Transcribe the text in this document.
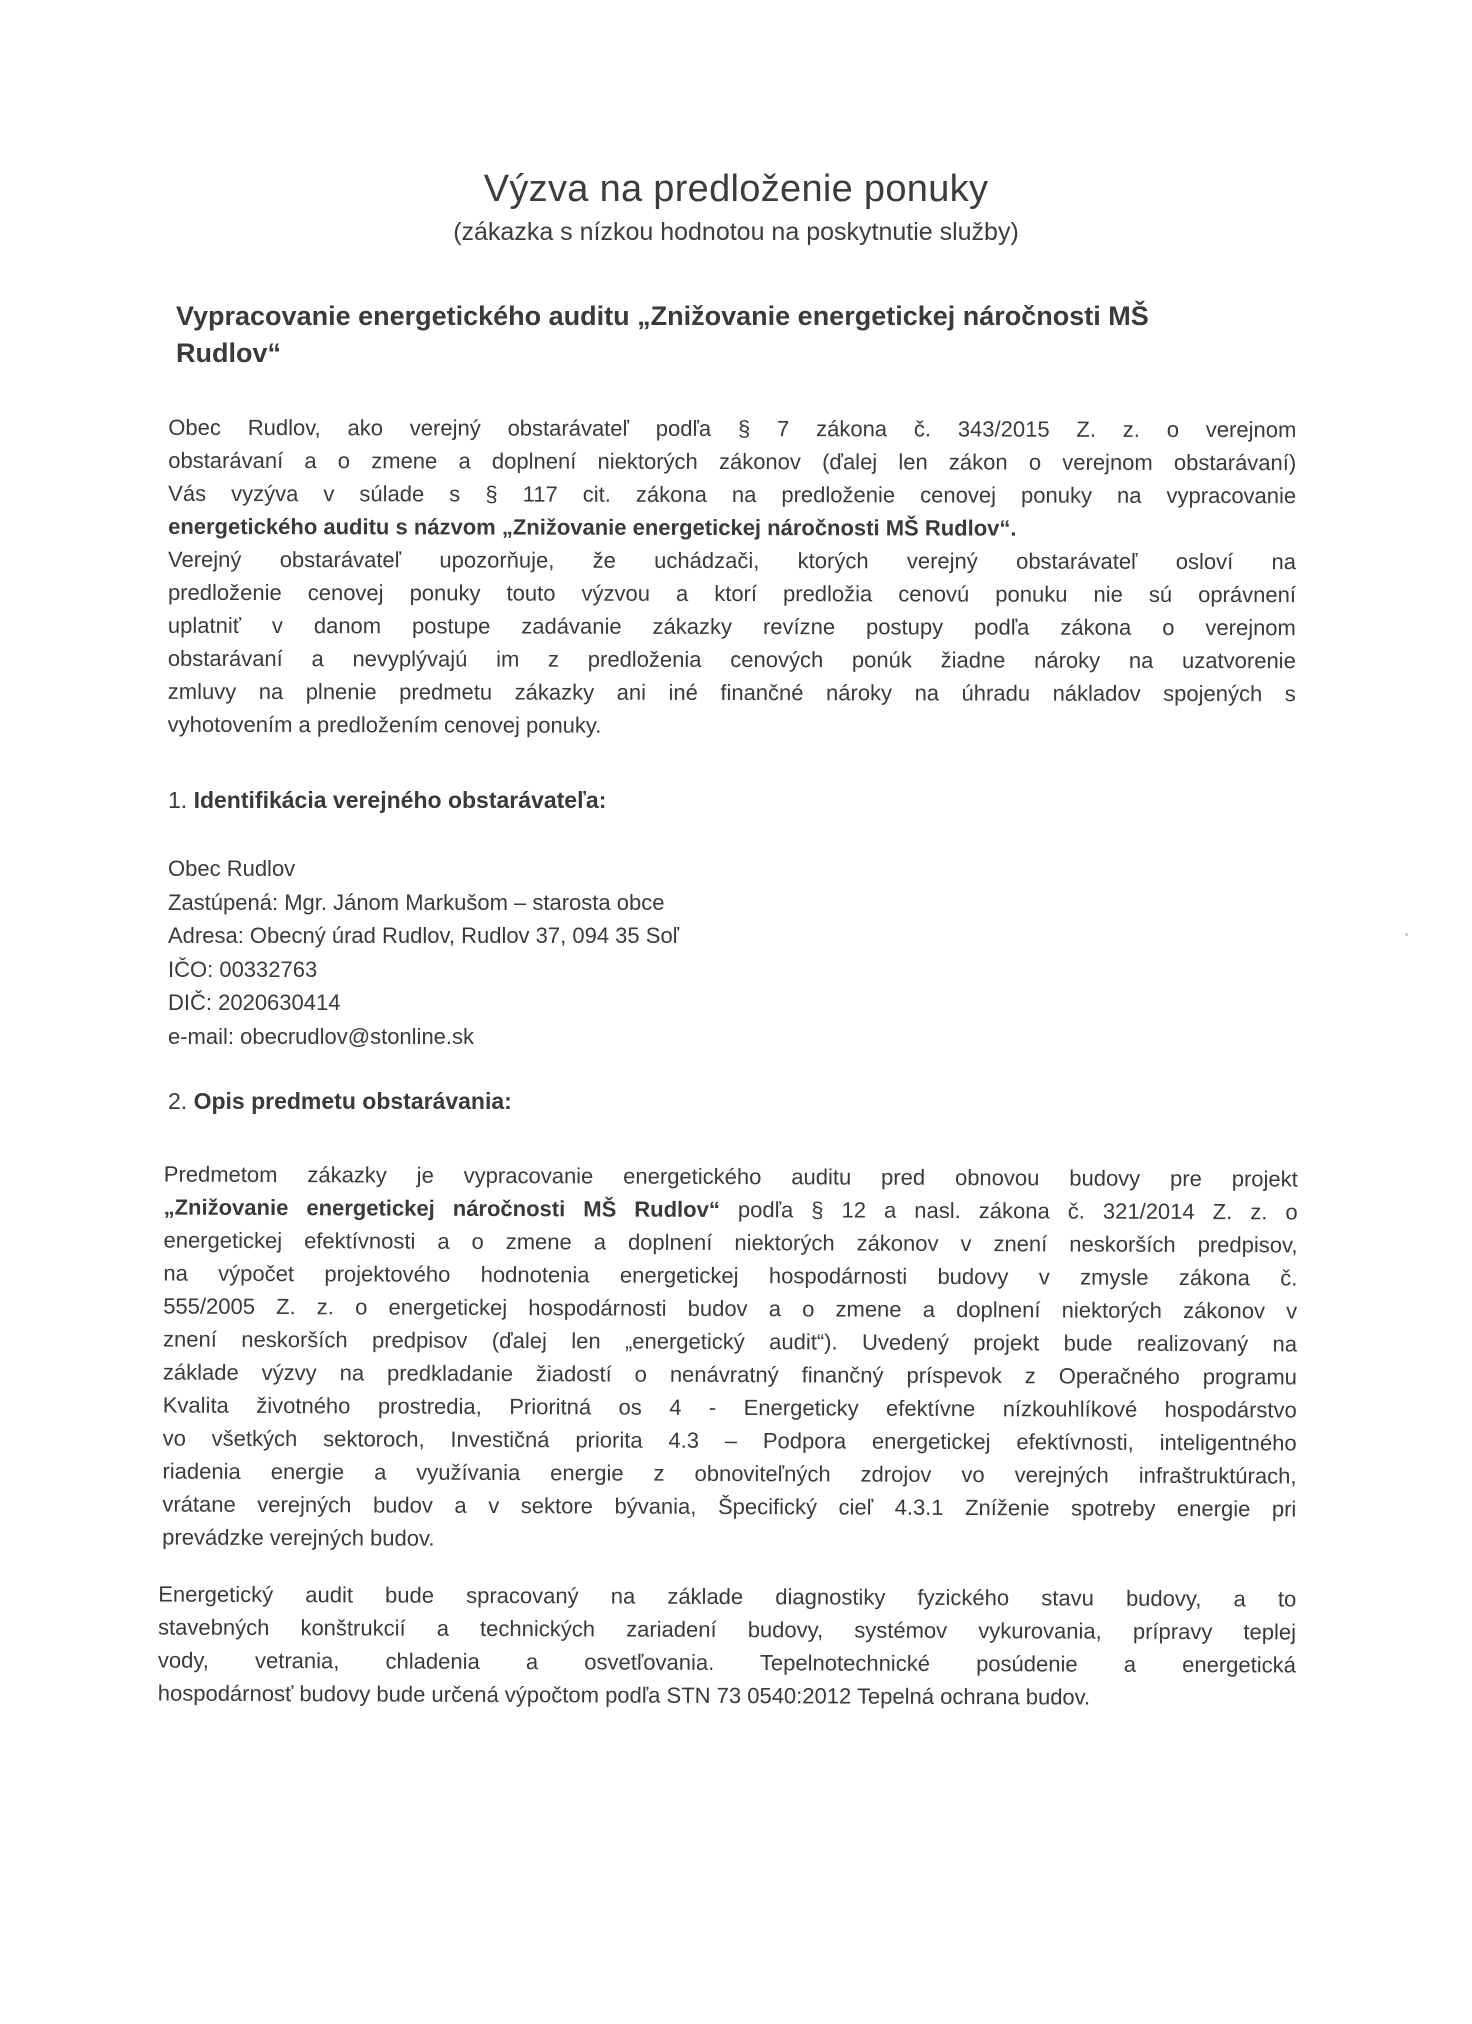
Výzva na predloženie ponuky
(zákazka s nízkou hodnotou na poskytnutie služby)
Vypracovanie energetického auditu „Znižovanie energetickej náročnosti MŠ
Rudlov“
Obec Rudlov, ako verejný obstarávateľ podľa § 7 zákona č. 343/2015 Z. z. o verejnom
obstarávaní a o zmene a doplnení niektorých zákonov (ďalej len zákon o verejnom obstarávaní)
Vás vyzýva v súlade s § 117 cit. zákona na predloženie cenovej ponuky na vypracovanie
energetického auditu s názvom „Znižovanie energetickej náročnosti MŠ Rudlov“.
Verejný obstarávateľ upozorňuje, že uchádzači, ktorých verejný obstarávateľ osloví na
predloženie cenovej ponuky touto výzvou a ktorí predložia cenovú ponuku nie sú oprávnení
uplatniť v danom postupe zadávanie zákazky revízne postupy podľa zákona o verejnom
obstarávaní a nevyplývajú im z predloženia cenových ponúk žiadne nároky na uzatvorenie
zmluvy na plnenie predmetu zákazky ani iné finančné nároky na úhradu nákladov spojených s
vyhotovením a predložením cenovej ponuky.
1. Identifikácia verejného obstarávateľa:
Obec Rudlov
Zastúpená: Mgr. Jánom Markušom – starosta obce
Adresa: Obecný úrad Rudlov, Rudlov 37, 094 35 Soľ
IČO: 00332763
DIČ: 2020630414
e-mail: obecrudlov@stonline.sk
2. Opis predmetu obstarávania:
Predmetom zákazky je vypracovanie energetického auditu pred obnovou budovy pre projekt
„Znižovanie energetickej náročnosti MŠ Rudlov“ podľa § 12 a nasl. zákona č. 321/2014 Z. z. o
energetickej efektívnosti a o zmene a doplnení niektorých zákonov v znení neskorších predpisov,
na výpočet projektového hodnotenia energetickej hospodárnosti budovy v zmysle zákona č.
555/2005 Z. z. o energetickej hospodárnosti budov a o zmene a doplnení niektorých zákonov v
znení neskorších predpisov (ďalej len „energetický audit“). Uvedený projekt bude realizovaný na
základe výzvy na predkladanie žiadostí o nenávratný finančný príspevok z Operačného programu
Kvalita životného prostredia, Prioritná os 4 - Energeticky efektívne nízkouhlíkové hospodárstvo
vo všetkých sektoroch, Investičná priorita 4.3 – Podpora energetickej efektívnosti, inteligentného
riadenia energie a využívania energie z obnoviteľných zdrojov vo verejných infraštruktúrach,
vrátane verejných budov a v sektore bývania, Špecifický cieľ 4.3.1 Zníženie spotreby energie pri
prevádzke verejných budov.
Energetický audit bude spracovaný na základe diagnostiky fyzického stavu budovy, a to
stavebných konštrukcií a technických zariadení budovy, systémov vykurovania, prípravy teplej
vody, vetrania, chladenia a osvetľovania. Tepelnotechnické posúdenie a energetická
hospodárnosť budovy bude určená výpočtom podľa STN 73 0540:2012 Tepelná ochrana budov.
